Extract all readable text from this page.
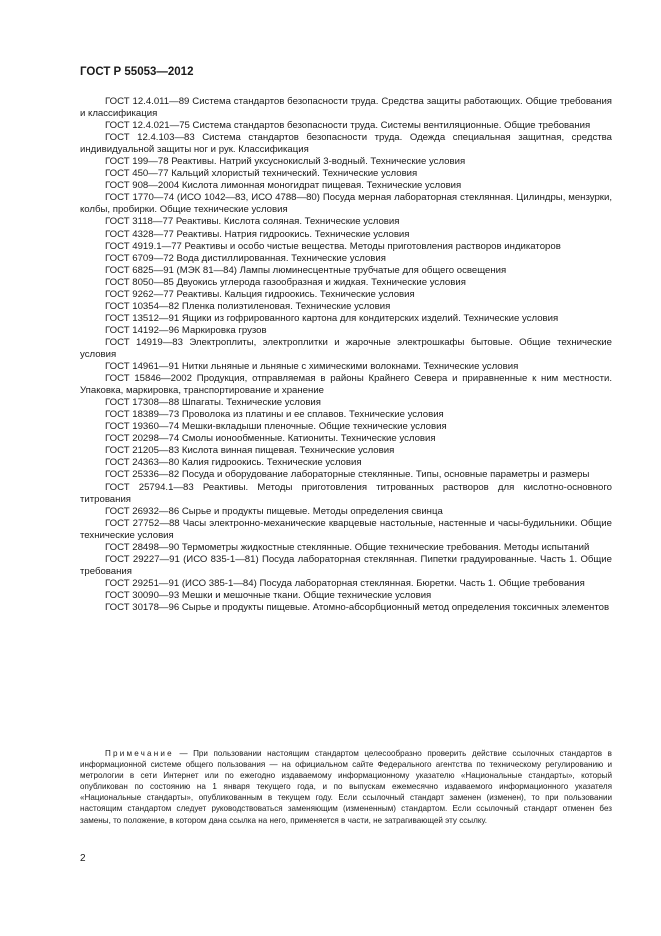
ГОСТ Р 55053—2012

ГОСТ 12.4.011—89 Система стандартов безопасности труда. Средства защиты работающих. Общие требования и классификация

ГОСТ 12.4.021—75 Система стандартов безопасности труда. Системы вентиляционные. Общие требования

ГОСТ 12.4.103—83 Система стандартов безопасности труда. Одежда специальная защитная, средства индивидуальной защиты ног и рук. Классификация

ГОСТ 199—78 Реактивы. Натрий уксуснокислый 3-водный. Технические условия

ГОСТ 450—77 Кальций хлористый технический. Технические условия

ГОСТ 908—2004 Кислота лимонная моногидрат пищевая. Технические условия

ГОСТ 1770—74 (ИСО 1042—83, ИСО 4788—80) Посуда мерная лабораторная стеклянная. Цилиндры, мензурки, колбы, пробирки. Общие технические условия

ГОСТ 3118—77 Реактивы. Кислота соляная. Технические условия

ГОСТ 4328—77 Реактивы. Натрия гидроокись. Технические условия

ГОСТ 4919.1—77 Реактивы и особо чистые вещества. Методы приготовления растворов индикаторов

ГОСТ 6709—72 Вода дистиллированная. Технические условия

ГОСТ 6825—91 (МЭК 81—84) Лампы люминесцентные трубчатые для общего освещения

ГОСТ 8050—85 Двуокись углерода газообразная и жидкая. Технические условия

ГОСТ 9262—77 Реактивы. Кальция гидроокись. Технические условия

ГОСТ 10354—82 Пленка полиэтиленовая. Технические условия

ГОСТ 13512—91 Ящики из гофрированного картона для кондитерских изделий. Технические условия

ГОСТ 14192—96 Маркировка грузов

ГОСТ 14919—83 Электроплиты, электроплитки и жарочные электрошкафы бытовые. Общие технические условия

ГОСТ 14961—91 Нитки льняные и льняные с химическими волокнами. Технические условия

ГОСТ 15846—2002 Продукция, отправляемая в районы Крайнего Севера и приравненные к ним местности. Упаковка, маркировка, транспортирование и хранение

ГОСТ 17308—88 Шпагаты. Технические условия

ГОСТ 18389—73 Проволока из платины и ее сплавов. Технические условия

ГОСТ 19360—74 Мешки-вкладыши пленочные. Общие технические условия

ГОСТ 20298—74 Смолы ионообменные. Катиониты. Технические условия

ГОСТ 21205—83 Кислота винная пищевая. Технические условия

ГОСТ 24363—80 Калия гидроокись. Технические условия

ГОСТ 25336—82 Посуда и оборудование лабораторные стеклянные. Типы, основные параметры и размеры

ГОСТ 25794.1—83 Реактивы. Методы приготовления титрованных растворов для кислотно-основного титрования

ГОСТ 26932—86 Сырье и продукты пищевые. Методы определения свинца

ГОСТ 27752—88 Часы электронно-механические кварцевые настольные, настенные и часы-будильники. Общие технические условия

ГОСТ 28498—90 Термометры жидкостные стеклянные. Общие технические требования. Методы испытаний

ГОСТ 29227—91 (ИСО 835-1—81) Посуда лабораторная стеклянная. Пипетки градуированные. Часть 1. Общие требования

ГОСТ 29251—91 (ИСО 385-1—84) Посуда лабораторная стеклянная. Бюретки. Часть 1. Общие требования

ГОСТ 30090—93 Мешки и мешочные ткани. Общие технические условия

ГОСТ 30178—96 Сырье и продукты пищевые. Атомно-абсорбционный метод определения токсичных элементов

Примечание — При пользовании настоящим стандартом целесообразно проверить действие ссылочных стандартов в информационной системе общего пользования — на официальном сайте Федерального агентства по техническому регулированию и метрологии в сети Интернет или по ежегодно издаваемому информационному указателю «Национальные стандарты», который опубликован по состоянию на 1 января текущего года, и по выпускам ежемесячно издаваемого информационного указателя «Национальные стандарты», опубликованным в текущем году. Если ссылочный стандарт заменен (изменен), то при пользовании настоящим стандартом следует руководствоваться заменяющим (измененным) стандартом. Если ссылочный стандарт отменен без замены, то положение, в котором дана ссылка на него, применяется в части, не затрагивающей эту ссылку.
2
